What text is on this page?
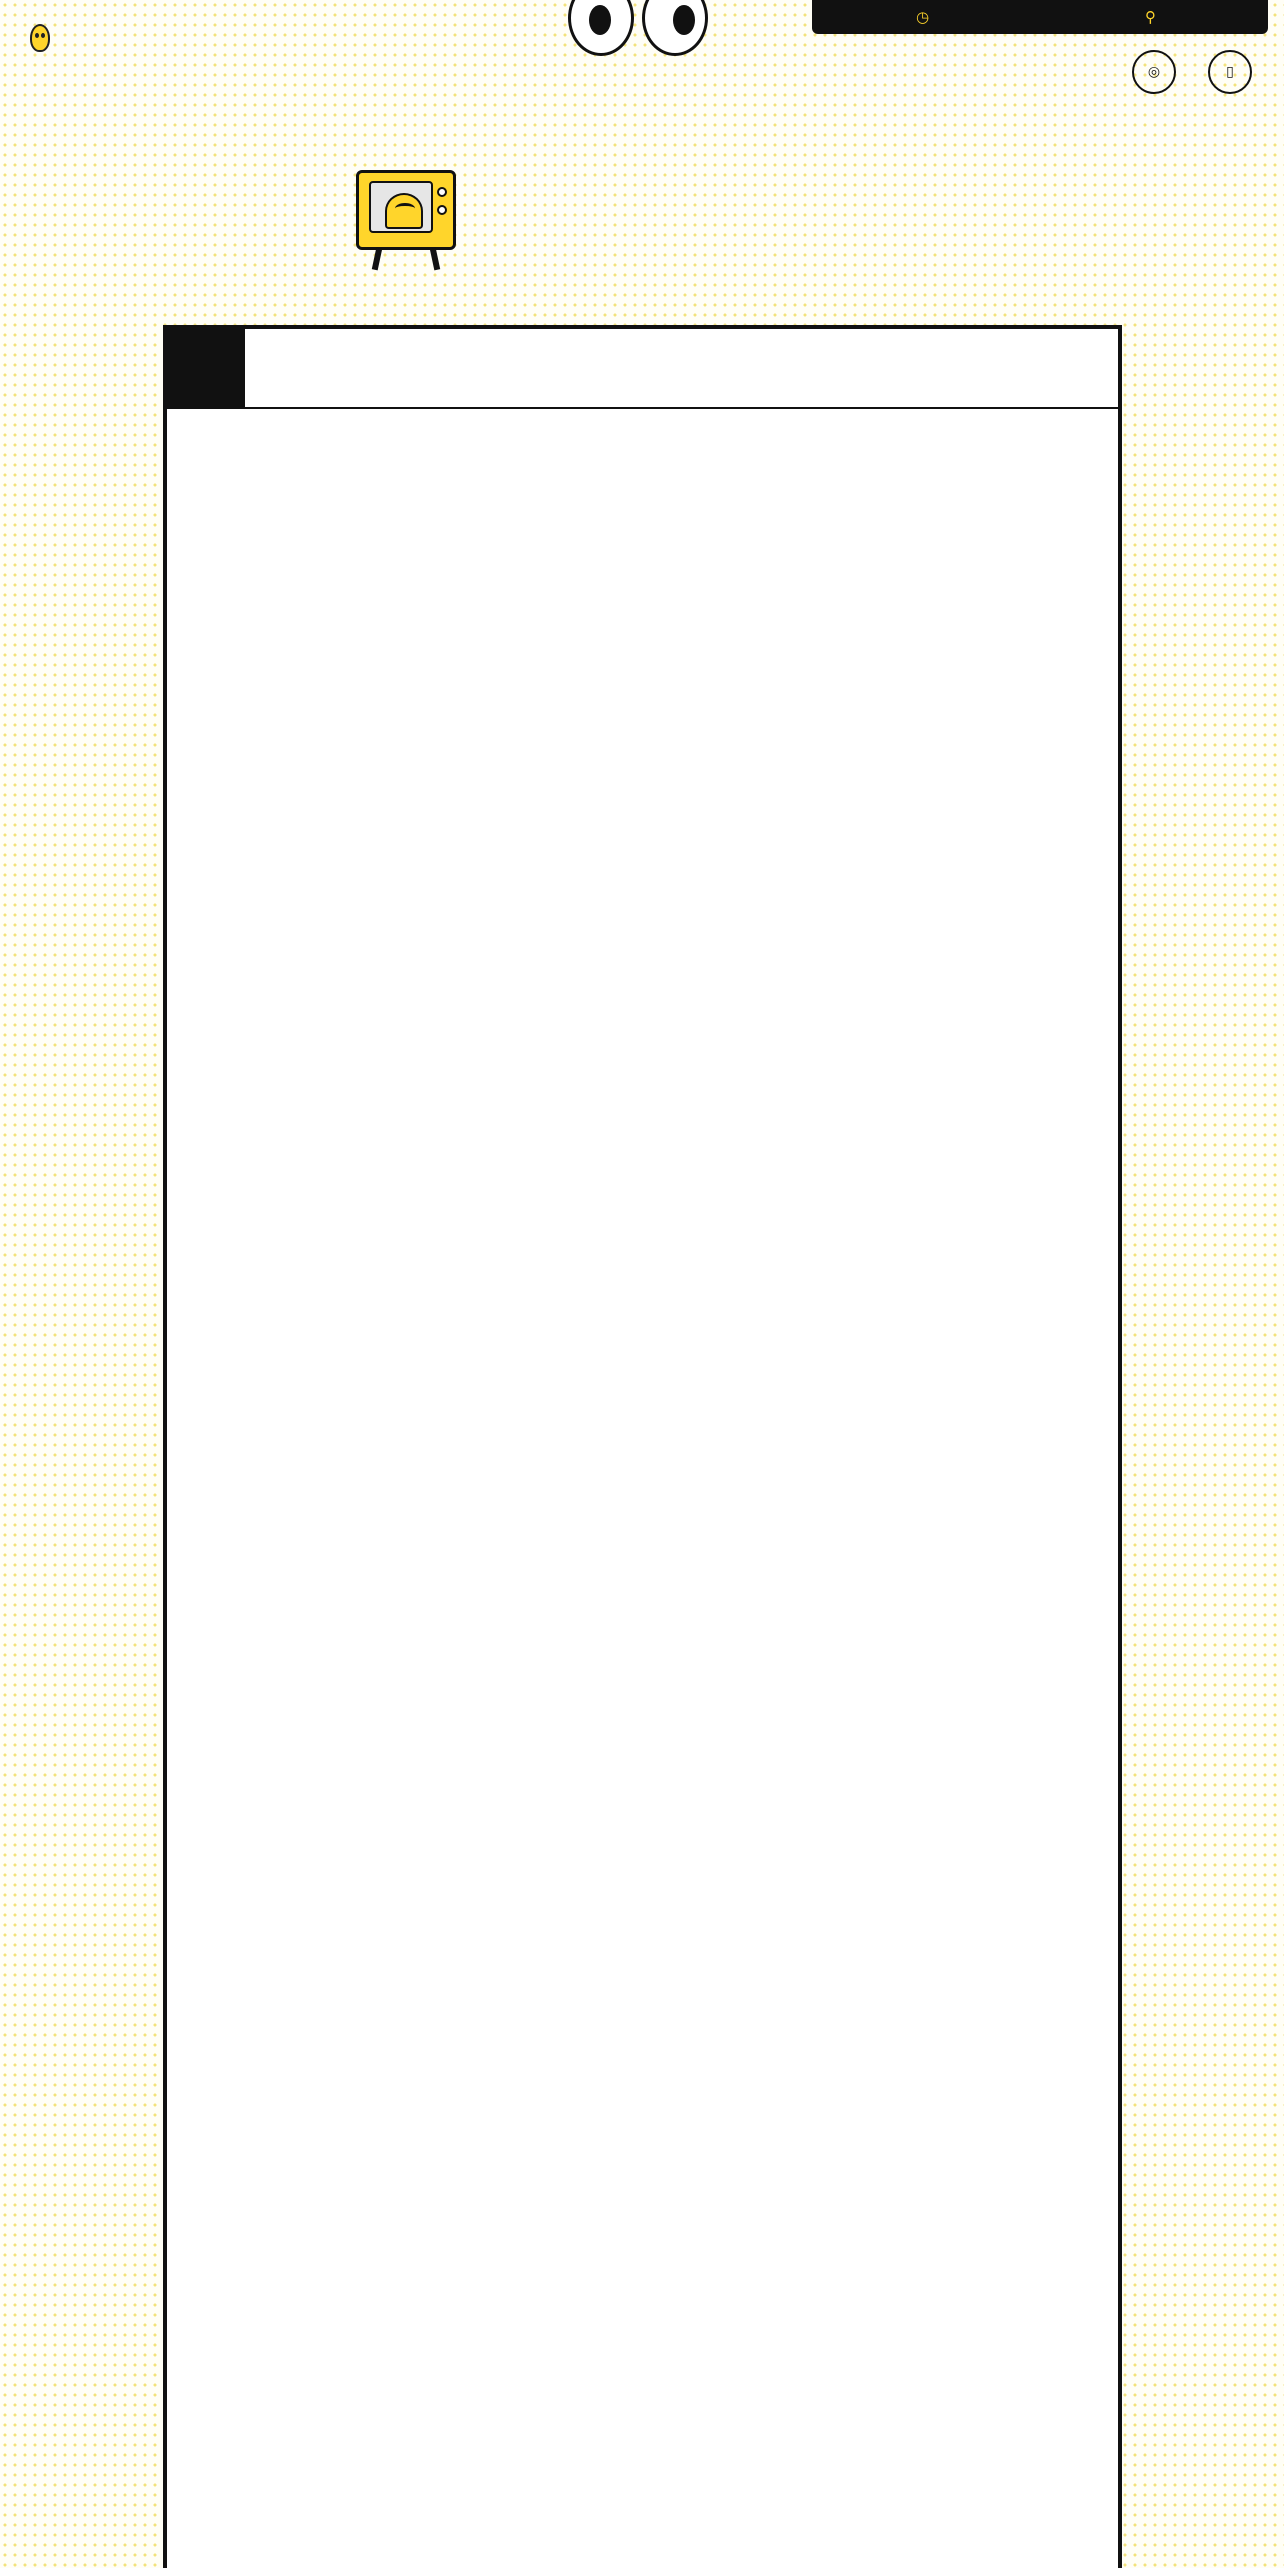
◷	⚲
◎	▯
